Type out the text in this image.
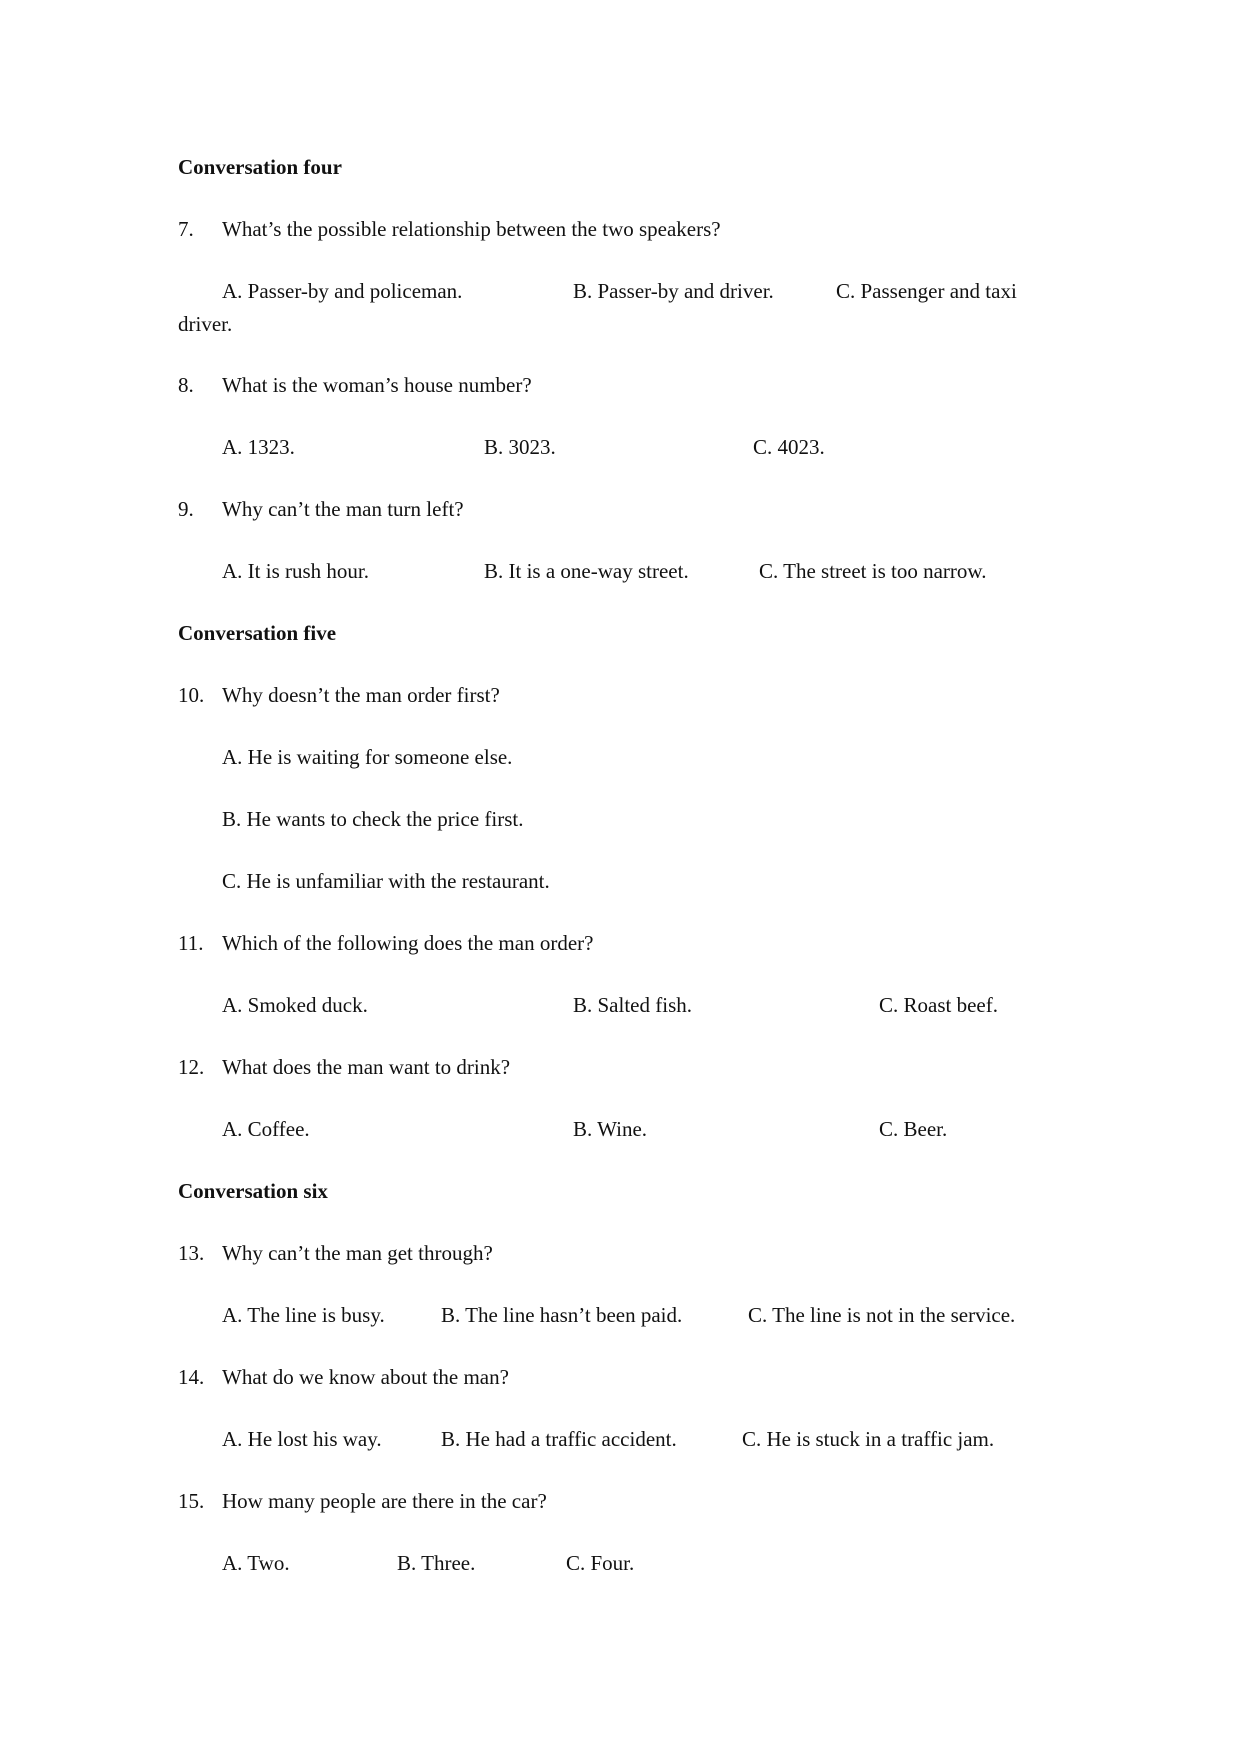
Conversation four
7. What’s the possible relationship between the two speakers?
A. Passer-by and policeman.	B. Passer-by and driver.	C. Passenger and taxi
driver.
8. What is the woman’s house number?
A. 1323.	B. 3023.	C. 4023.
9. Why can’t the man turn left?
A. It is rush hour.	B. It is a one-way street.	C. The street is too narrow.
Conversation five
10. Why doesn’t the man order first?
A. He is waiting for someone else.
B. He wants to check the price first.
C. He is unfamiliar with the restaurant.
11. Which of the following does the man order?
A. Smoked duck.	B. Salted fish.	C. Roast beef.
12. What does the man want to drink?
A. Coffee.	B. Wine.	C. Beer.
Conversation six
13. Why can’t the man get through?
A. The line is busy.	B. The line hasn’t been paid.	C. The line is not in the service.
14. What do we know about the man?
A. He lost his way.	B. He had a traffic accident.	C. He is stuck in a traffic jam.
15. How many people are there in the car?
A. Two.	B. Three.	C. Four.
